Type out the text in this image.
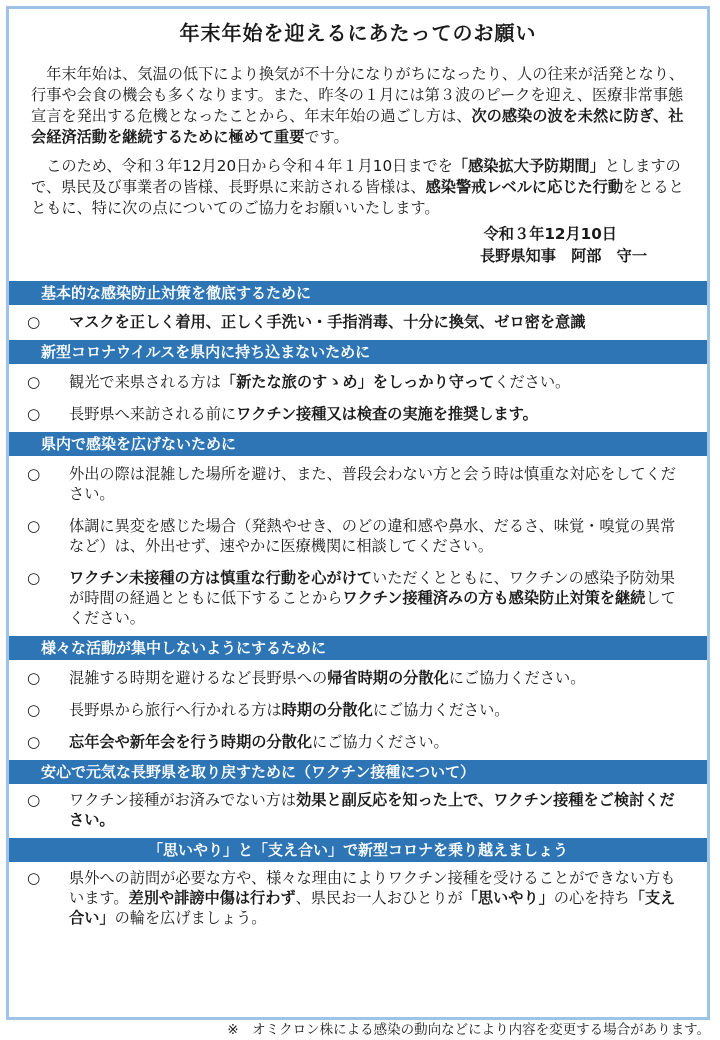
年末年始を迎えるにあたってのお願い

年末年始は、気温の低下により換気が不十分になりがちになったり、人の往来が活発となり、行事や会食の機会も多くなります。また、昨冬の１月には第３波のピークを迎え、医療非常事態宣言を発出する危機となったことから、年末年始の過ごし方は、次の感染の波を未然に防ぎ、社会経済活動を継続するために極めて重要です。

このため、令和３年12月20日から令和４年１月10日までを「感染拡大予防期間」としますので、県民及び事業者の皆様、長野県に来訪される皆様は、感染警戒レベルに応じた行動をとるとともに、特に次の点についてのご協力をお願いいたします。

令和３年12月10日
長野県知事　阿部　守一
基本的な感染防止対策を徹底するために
○	マスクを正しく着用、正しく手洗い・手指消毒、十分に換気、ゼロ密を意識
新型コロナウイルスを県内に持ち込まないために
○	観光で来県される方は「新たな旅のすゝめ」をしっかり守ってください。
○	長野県へ来訪される前にワクチン接種又は検査の実施を推奨します。
県内で感染を広げないために
○	外出の際は混雑した場所を避け、また、普段会わない方と会う時は慎重な対応をしてください。
○	体調に異変を感じた場合（発熱やせき、のどの違和感や鼻水、だるさ、味覚・嗅覚の異常など）は、外出せず、速やかに医療機関に相談してください。
○	ワクチン未接種の方は慎重な行動を心がけていただくとともに、ワクチンの感染予防効果が時間の経過とともに低下することからワクチン接種済みの方も感染防止対策を継続してください。
様々な活動が集中しないようにするために
○	混雑する時期を避けるなど長野県への帰省時期の分散化にご協力ください。
○	長野県から旅行へ行かれる方は時期の分散化にご協力ください。
○	忘年会や新年会を行う時期の分散化にご協力ください。
安心で元気な長野県を取り戻すために（ワクチン接種について）
○	ワクチン接種がお済みでない方は効果と副反応を知った上で、ワクチン接種をご検討ください。
「思いやり」と「支え合い」で新型コロナを乗り越えましょう
○	県外への訪問が必要な方や、様々な理由によりワクチン接種を受けることができない方もいます。差別や誹謗中傷は行わず、県民お一人おひとりが「思いやり」の心を持ち「支え合い」の輪を広げましょう。
※　オミクロン株による感染の動向などにより内容を変更する場合があります。
